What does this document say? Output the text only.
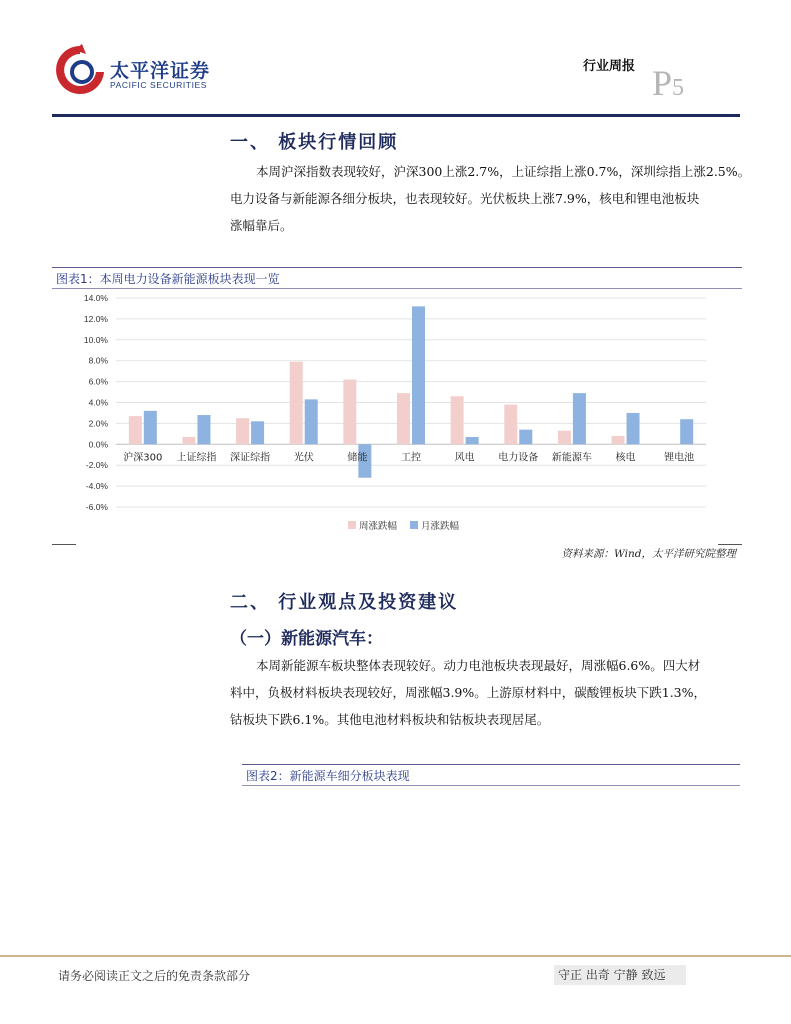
太平洋证券
PACIFIC SECURITIES
行业周报 P5
一、 板块行情回顾
本周沪深指数表现较好，沪深300上涨2.7%，上证综指上涨0.7%，深圳综指上涨2.5%。
电力设备与新能源各细分板块，也表现较好。光伏板块上涨7.9%，核电和锂电池板块
涨幅靠后。
图表1：本周电力设备新能源板块表现一览
14.0%
12.0%
10.0%
8.0%
6.0%
4.0%
2.0%
0.0%
-2.0%
-4.0%
-6.0%
沪深300 上证综指 深证综指 光伏	储能	工控	风电 电力设备 新能源车 核电	锂电池
周涨跌幅	月涨跌幅
资料来源：Wind，太平洋研究院整理
二、 行业观点及投资建议
（一）新能源汽车：
本周新能源车板块整体表现较好。动力电池板块表现最好，周涨幅6.6%。四大材
料中，负极材料板块表现较好，周涨幅3.9%。上游原材料中，碳酸锂板块下跌1.3%，
钴板块下跌6.1%。其他电池材料板块和钴板块表现居尾。
图表2：新能源车细分板块表现
请务必阅读正文之后的免责条款部分	守正 出奇 宁静 致远
